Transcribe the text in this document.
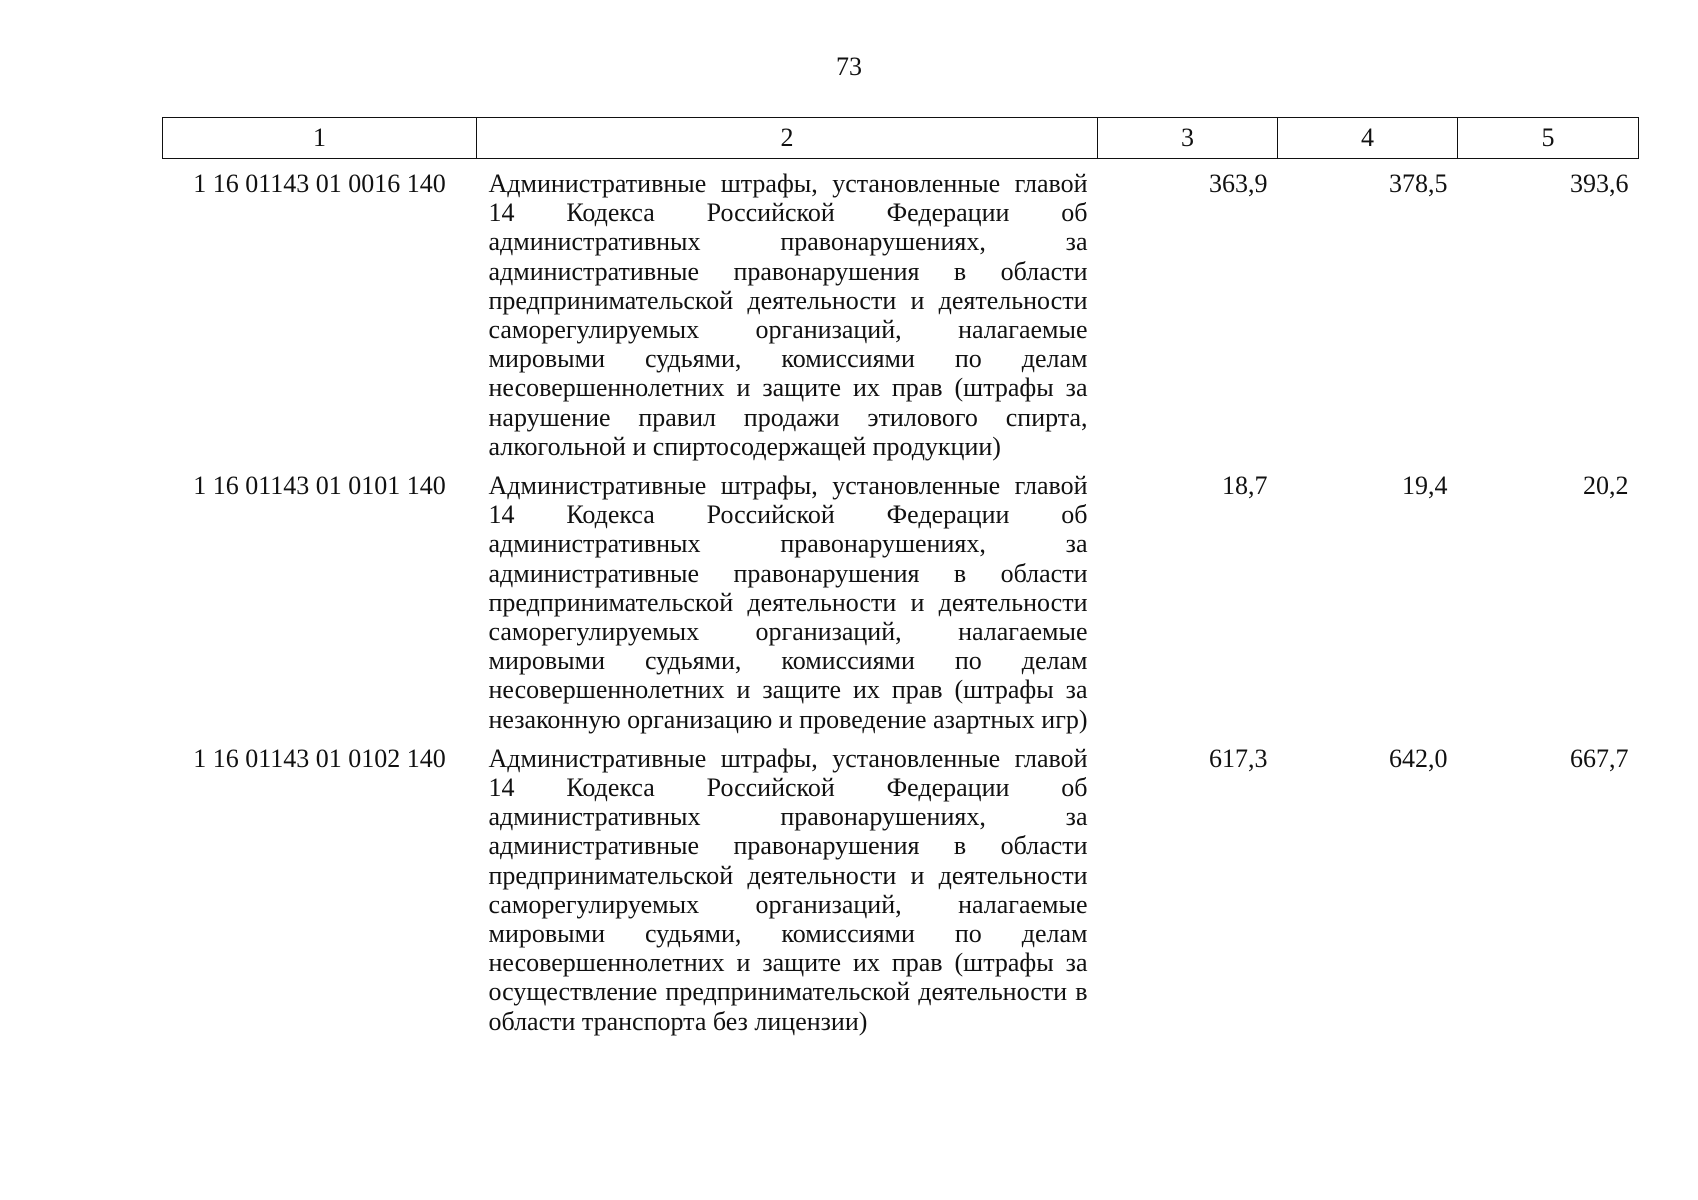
73
1	2	3	4	5
1 16 01143 01 0016 140	Административные штрафы, установленные главой 14 Кодекса Российской Федерации об административных правонарушениях, за административные правонарушения в области предпринимательской деятельности и деятельности саморегулируемых организаций, налагаемые мировыми судьями, комиссиями по делам несовершеннолетних и защите их прав (штрафы за нарушение правил продажи этилового спирта, алкогольной и спиртосодержащей продукции)	363,9	378,5	393,6
1 16 01143 01 0101 140	Административные штрафы, установленные главой 14 Кодекса Российской Федерации об административных правонарушениях, за административные правонарушения в области предпринимательской деятельности и деятельности саморегулируемых организаций, налагаемые мировыми судьями, комиссиями по делам несовершеннолетних и защите их прав (штрафы за незаконную организацию и проведение азартных игр)	18,7	19,4	20,2
1 16 01143 01 0102 140	Административные штрафы, установленные главой 14 Кодекса Российской Федерации об административных правонарушениях, за административные правонарушения в области предпринимательской деятельности и деятельности саморегулируемых организаций, налагаемые мировыми судьями, комиссиями по делам несовершеннолетних и защите их прав (штрафы за осуществление предпринимательской деятельности в области транспорта без лицензии)	617,3	642,0	667,7
